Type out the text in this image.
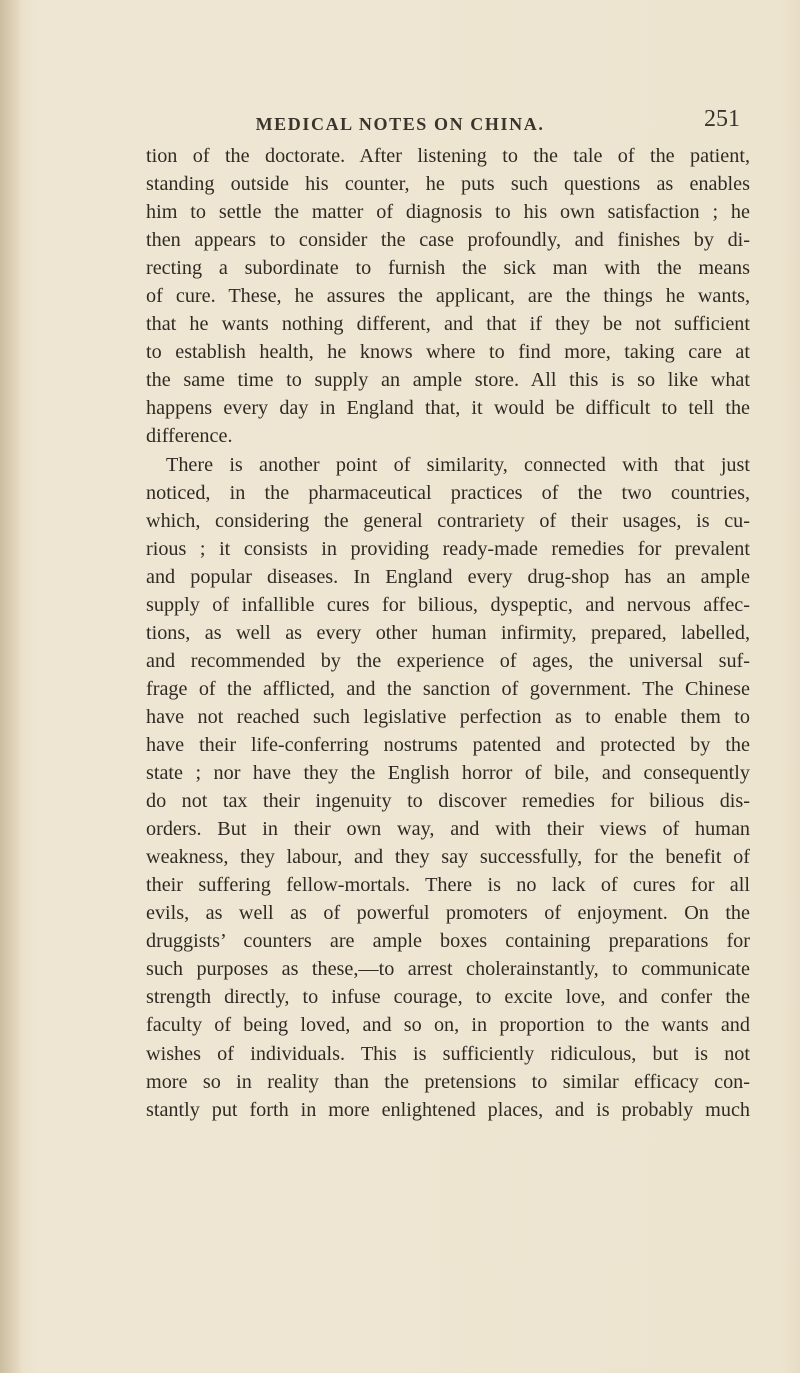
MEDICAL NOTES ON CHINA.	251
tion of the doctorate. After listening to the tale of the patient,
standing outside his counter, he puts such questions as enables
him to settle the matter of diagnosis to his own satisfaction ; he
then appears to consider the case profoundly, and finishes by di-
recting a subordinate to furnish the sick man with the means
of cure. These, he assures the applicant, are the things he wants,
that he wants nothing different, and that if they be not sufficient
to establish health, he knows where to find more, taking care at
the same time to supply an ample store. All this is so like what
happens every day in England that, it would be difficult to tell the
difference.
There is another point of similarity, connected with that just
noticed, in the pharmaceutical practices of the two countries,
which, considering the general contrariety of their usages, is cu-
rious ; it consists in providing ready-made remedies for prevalent
and popular diseases. In England every drug-shop has an ample
supply of infallible cures for bilious, dyspeptic, and nervous affec-
tions, as well as every other human infirmity, prepared, labelled,
and recommended by the experience of ages, the universal suf-
frage of the afflicted, and the sanction of government. The Chinese
have not reached such legislative perfection as to enable them to
have their life-conferring nostrums patented and protected by the
state ; nor have they the English horror of bile, and consequently
do not tax their ingenuity to discover remedies for bilious dis-
orders. But in their own way, and with their views of human
weakness, they labour, and they say successfully, for the benefit of
their suffering fellow-mortals. There is no lack of cures for all
evils, as well as of powerful promoters of enjoyment. On the
druggists’ counters are ample boxes containing preparations for
such purposes as these,—to arrest cholerainstantly, to communicate
strength directly, to infuse courage, to excite love, and confer the
faculty of being loved, and so on, in proportion to the wants and
wishes of individuals. This is sufficiently ridiculous, but is not
more so in reality than the pretensions to similar efficacy con-
stantly put forth in more enlightened places, and is probably much
